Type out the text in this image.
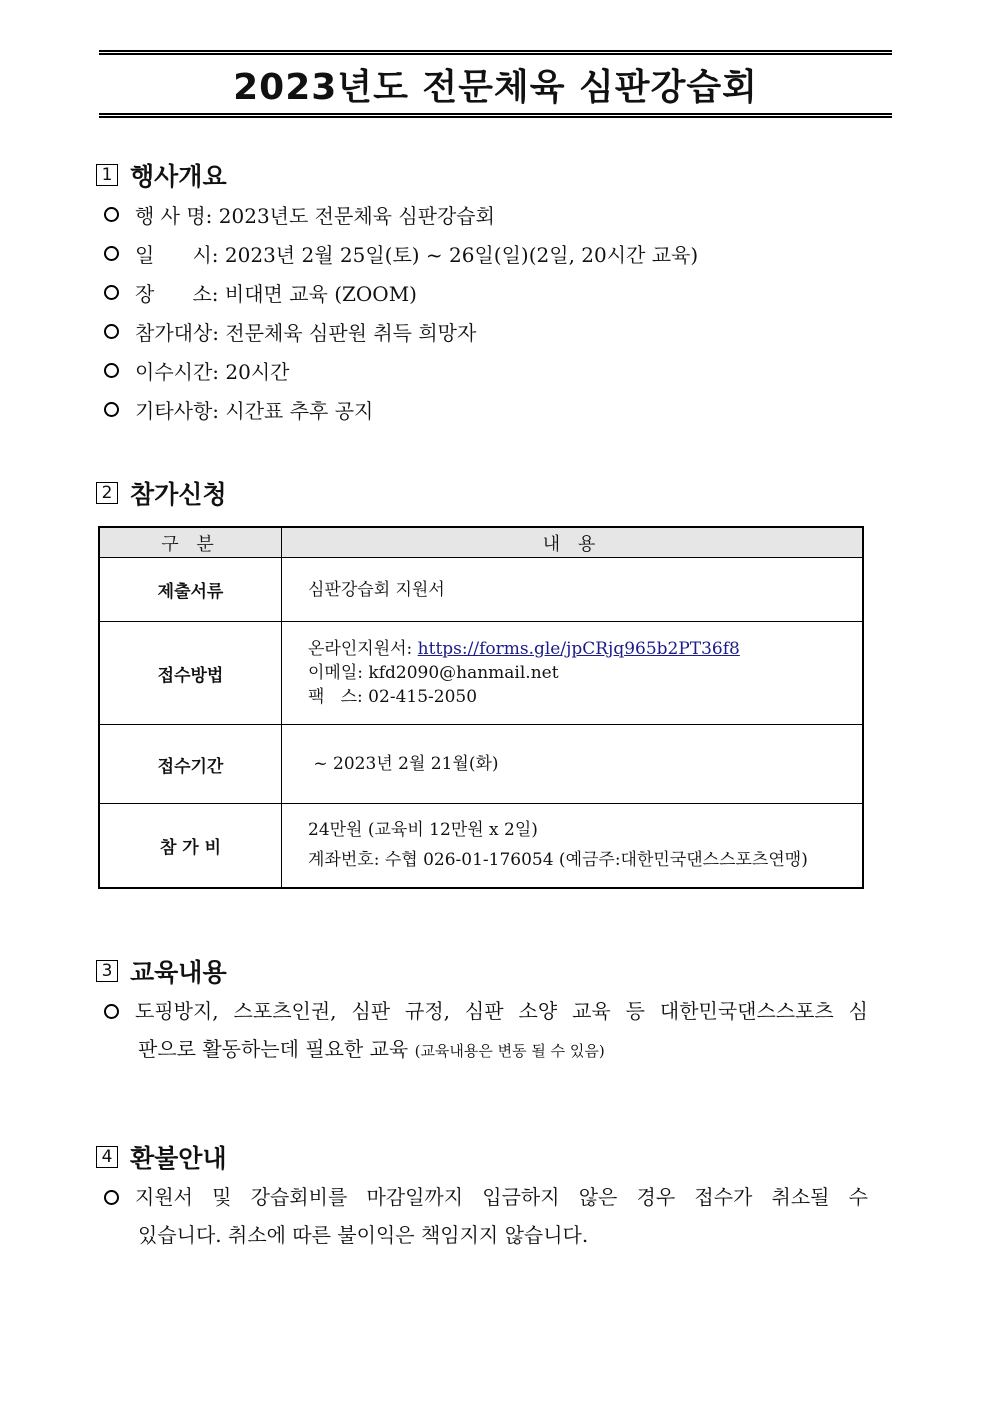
2023년도 전문체육 심판강습회
1 행사개요
행 사 명:
2023년도 전문체육 심판강습회
일      시:
2023년 2월 25일(토) ~ 26일(일)(2일, 20시간 교육)
장      소:
비대면 교육 (ZOOM)
참가대상:
전문체육 심판원 취득 희망자
이수시간:
20시간
기타사항:
시간표 추후 공지
2 참가신청
구 분	내 용
제출서류	심판강습회 지원서
접수방법	온라인지원서: https://forms.gle/jpCRjq965b2PT36f8
이메일: kfd2090@hanmail.net
팩   스: 02-415-2050

접수기간	~ 2023년 2월 21월(화)
참 가 비	24만원 (교육비 12만원 x 2일)
계좌번호: 수협 026-01-176054 (예금주:대한민국댄스스포츠연맹)
3 교육내용
도핑방지, 스포츠인권, 심판 규정, 심판 소양 교육 등 대한민국댄스스포츠 심
판으로 활동하는데 필요한 교육 (교육내용은 변동 될 수 있음)
4 환불안내
지원서 및 강습회비를 마감일까지 입금하지 않은 경우 접수가 취소될 수
있습니다. 취소에 따른 불이익은 책임지지 않습니다.
